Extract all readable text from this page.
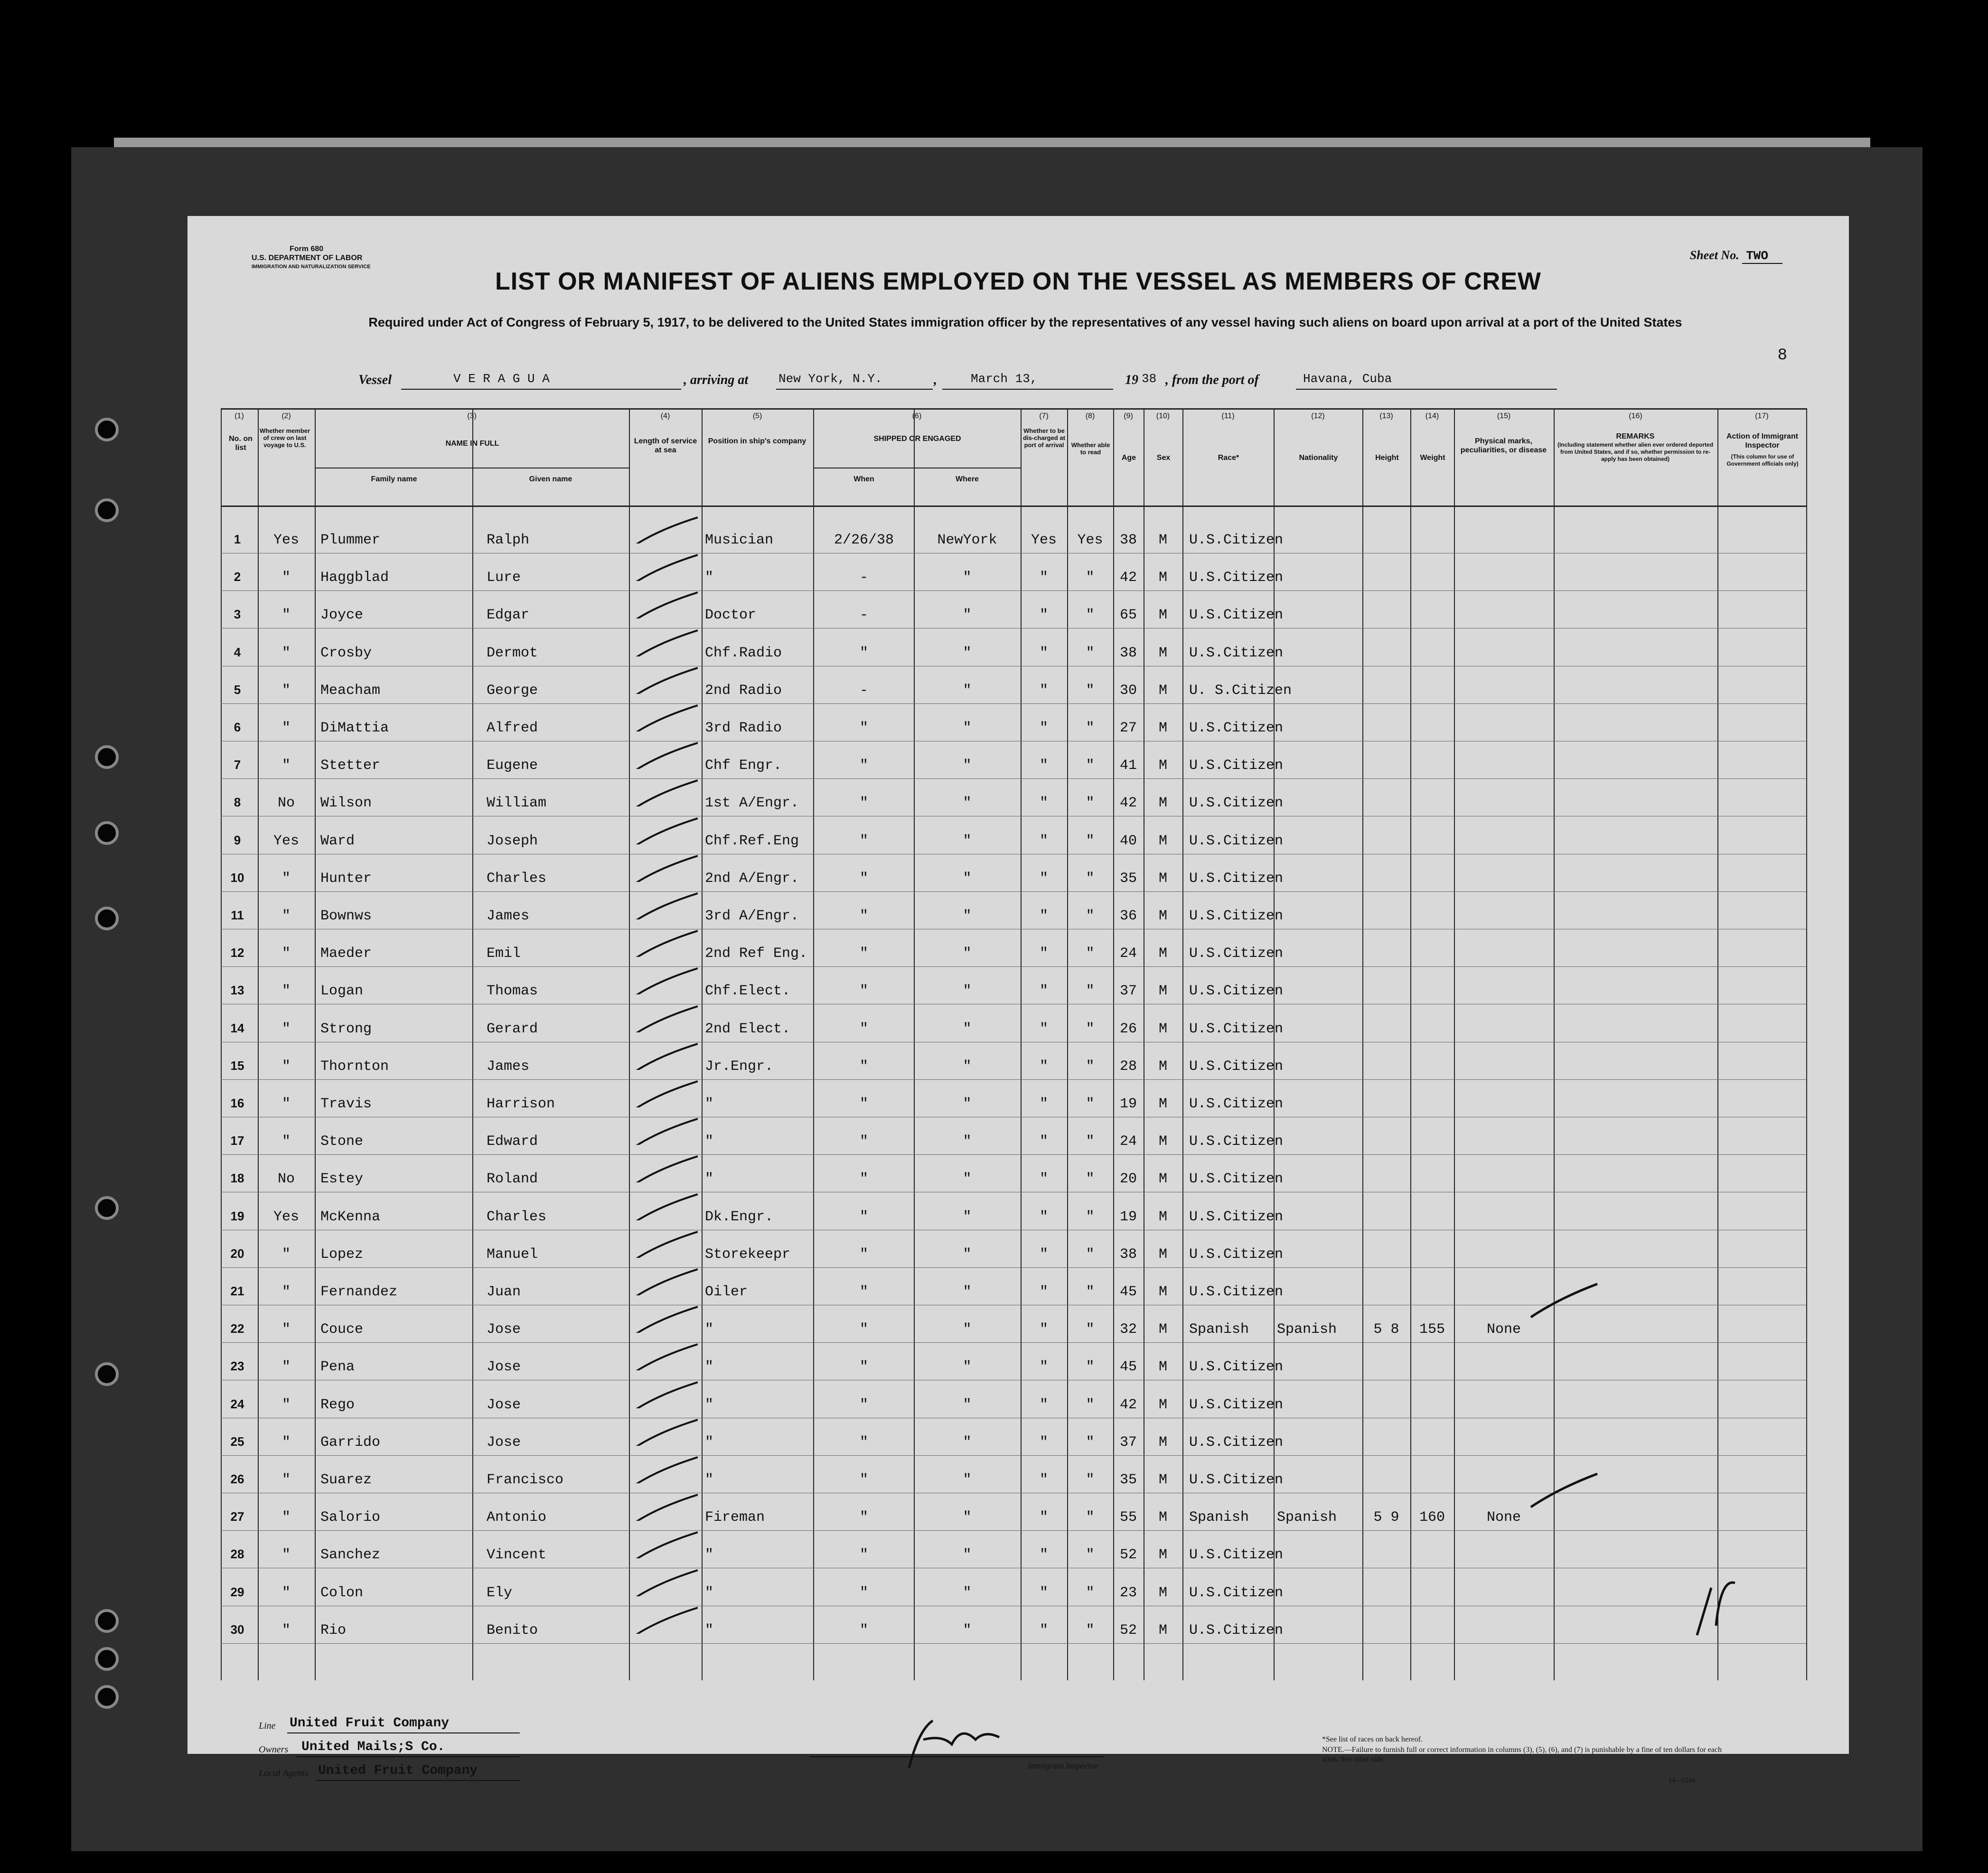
Form 680
U.S. DEPARTMENT OF LABOR
IMMIGRATION AND NATURALIZATION SERVICE
Sheet No. TWO
LIST OR MANIFEST OF ALIENS EMPLOYED ON THE VESSEL AS MEMBERS OF CREW
Required under Act of Congress of February 5, 1917, to be delivered to the United States immigration officer by the representatives of any vessel having such aliens on board upon arrival at a port of the United States
8
Vessel	V E R A G U A	, arriving at New York, N.Y.	,	March 13,	19 38 , from the port of	Havana, Cuba
No. on list
Whether member of crew on last voyage to U.S.	NAME IN FULL
Family name	Given name
Length of service at sea
Position in ship's company	SHIPPED OR ENGAGED
When	Where
Whether to be dis-charged at port of arrival	Whether able to read
Age	Sex	Race*	Nationality	Height	Weight
Physical marks, peculiarities, or disease
REMARKS
(Including statement whether alien ever ordered deported from United States, and if so, whether permission to re-apply has been obtained)
Action of Immigrant Inspector
(This column for use of Government officials only)
(1)	(2)	(3)	(4)	(5)	(6)	(7)	(8)	(9)	(10)	(11)	(12)	(13)	(14)	(15)	(16)	(17)
1	Yes	Plummer	Ralph	Musician	2/26/38	NewYork	Yes	Yes	38	M	U.S.Citizen
2	"	Haggblad	Lure	"	-	"	"	"	42	M	U.S.Citizen
3	"	Joyce	Edgar	Doctor	-	"	"	"	65	M	U.S.Citizen
4	"	Crosby	Dermot	Chf.Radio	"	"	"	"	38	M	U.S.Citizen
5	"	Meacham	George	2nd Radio	-	"	"	"	30	M	U. S.Citizen
6	"	DiMattia	Alfred	3rd Radio	"	"	"	"	27	M	U.S.Citizen
7	"	Stetter	Eugene	Chf Engr.	"	"	"	"	41	M	U.S.Citizen
8	No	Wilson	William	1st A/Engr.	"	"	"	"	42	M	U.S.Citizen
9	Yes	Ward	Joseph	Chf.Ref.Eng	"	"	"	"	40	M	U.S.Citizen
10	"	Hunter	Charles	2nd A/Engr.	"	"	"	"	35	M	U.S.Citizen
11	"	Bownws	James	3rd A/Engr.	"	"	"	"	36	M	U.S.Citizen
12	"	Maeder	Emil	2nd Ref Eng.	"	"	"	"	24	M	U.S.Citizen
13	"	Logan	Thomas	Chf.Elect.	"	"	"	"	37	M	U.S.Citizen
14	"	Strong	Gerard	2nd Elect.	"	"	"	"	26	M	U.S.Citizen
15	"	Thornton	James	Jr.Engr.	"	"	"	"	28	M	U.S.Citizen
16	"	Travis	Harrison	"	"	"	"	"	19	M	U.S.Citizen
17	"	Stone	Edward	"	"	"	"	"	24	M	U.S.Citizen
18	No	Estey	Roland	"	"	"	"	"	20	M	U.S.Citizen
19	Yes	McKenna	Charles	Dk.Engr.	"	"	"	"	19	M	U.S.Citizen
20	"	Lopez	Manuel	Storekeepr	"	"	"	"	38	M	U.S.Citizen
21	"	Fernandez	Juan	Oiler	"	"	"	"	45	M	U.S.Citizen
22	"	Couce	Jose	"	"	"	"	"	32	M	Spanish	Spanish	5 8	155	None
23	"	Pena	Jose	"	"	"	"	"	45	M	U.S.Citizen
24	"	Rego	Jose	"	"	"	"	"	42	M	U.S.Citizen
25	"	Garrido	Jose	"	"	"	"	"	37	M	U.S.Citizen
26	"	Suarez	Francisco	"	"	"	"	"	35	M	U.S.Citizen
27	"	Salorio	Antonio	Fireman	"	"	"	"	55	M	Spanish	Spanish	5 9	160	None
28	"	Sanchez	Vincent	"	"	"	"	"	52	M	U.S.Citizen
29	"	Colon	Ely	"	"	"	"	"	23	M	U.S.Citizen
30	"	Rio	Benito	"	"	"	"	"	52	M	U.S.Citizen
Line United Fruit Company
Owners United Mails;S Co.
Local Agents United Fruit Company	Immigrant Inspector.
*See list of races on back hereof.
NOTE.—Failure to furnish full or correct information in columns (3), (5), (6), and (7) is punishable by a fine of ten dollars for each alien. See other side.
14—1240
